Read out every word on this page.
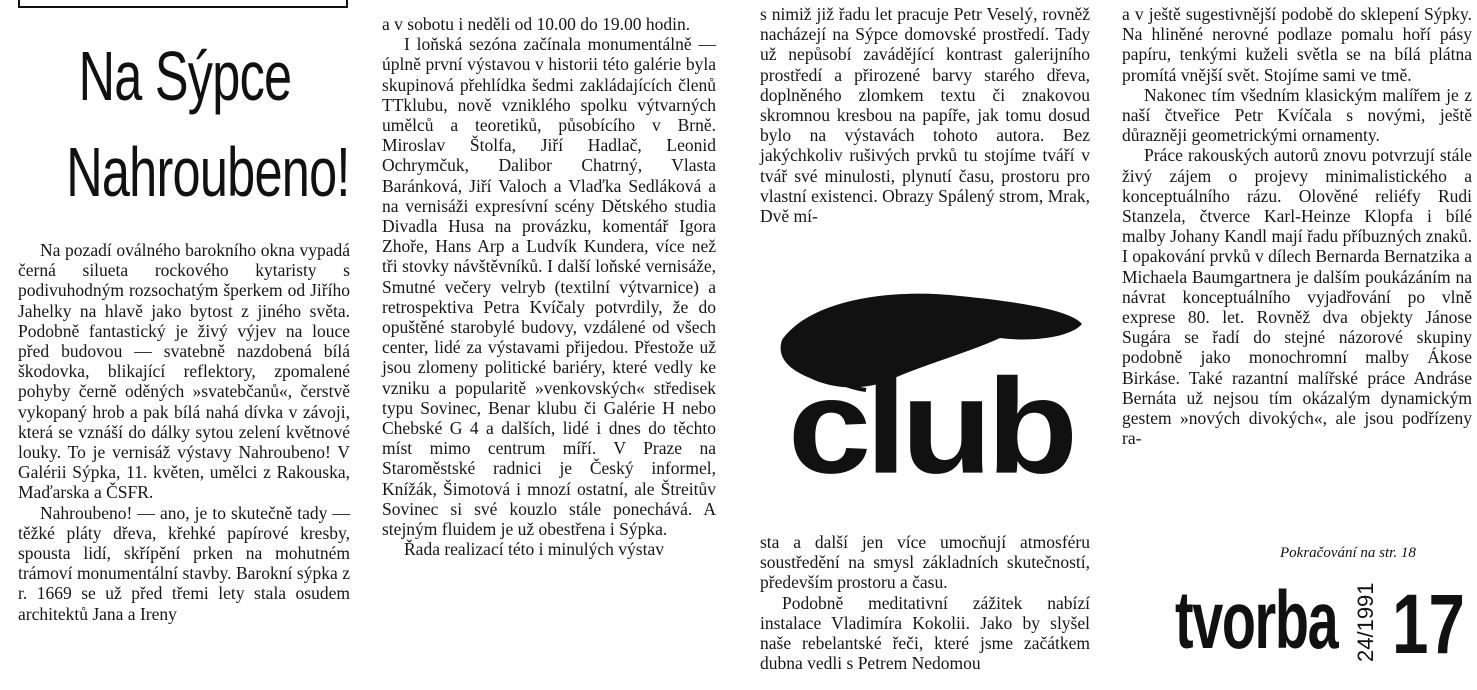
Na Sýpce
Nahroubeno!

Na pozadí oválného barokního okna vypadá černá silueta rockového kytaristy s podivuhodným rozsochatým šperkem od Jiřího Jahelky na hlavě jako bytost z jiného světa. Podobně fantastický je živý výjev na louce před budovou — svatebně nazdobená bílá škodovka, blikající reflektory, zpomalené pohyby černě oděných »svatebčanů«, čerstvě vykopaný hrob a pak bílá nahá dívka v závoji, která se vznáší do dálky sytou zelení květnové louky. To je vernisáž výstavy Nahroubeno! V Galérii Sýpka, 11. květen, umělci z Rakouska, Maďarska a ČSFR.

Nahroubeno! — ano, je to skutečně tady — těžké pláty dřeva, křehké papírové kresby, spousta lidí, skřípění prken na mohutném trámoví monumentální stavby. Barokní sýpka z r. 1669 se už před třemi lety stala osudem architektů Jana a Ireny

a v sobotu i neděli od 10.00 do 19.00 hodin.

I loňská sezóna začínala monumentálně — úplně první výstavou v historii této galérie byla skupinová přehlídka šedmi zakládajících členů TTklubu, nově vzniklého spolku výtvarných umělců a teoretiků, působícího v Brně. Miroslav Štolfa, Jiří Hadlač, Leonid Ochrymčuk, Dalibor Chatrný, Vlasta Baránková, Jiří Valoch a Vlaďka Sedláková a na vernisáži expresívní scény Dětského studia Divadla Husa na provázku, komentář Igora Zhoře, Hans Arp a Ludvík Kundera, více než tři stovky návštěvníků. I další loňské vernisáže, Smutné večery velryb (textilní výtvarnice) a retrospektiva Petra Kvíčaly potvrdily, že do opuštěné starobylé budovy, vzdálené od všech center, lidé za výstavami přijedou. Přestože už jsou zlomeny politické bariéry, které vedly ke vzniku a popularitě »venkovských« středisek typu Sovinec, Benar klubu či Galérie H nebo Chebské G 4 a dalších, lidé i dnes do těchto míst mimo centrum míří. V Praze na Staroměstské radnici je Český informel, Knížák, Šimotová i mnozí ostatní, ale Štreitův Sovinec si své kouzlo stále ponechává. A stejným fluidem je už obestřena i Sýpka.

Řada realizací této i minulých výstav

s nimiž již řadu let pracuje Petr Veselý, rovněž nacházejí na Sýpce domovské prostředí. Tady už nepůsobí zavádějící kontrast galerijního prostředí a přirozené barvy starého dřeva, doplněného zlomkem textu či znakovou skromnou kresbou na papíře, jak tomu dosud bylo na výstavách tohoto autora. Bez jakýchkoliv rušivých prvků tu stojíme tváří v tvář své minulosti, plynutí času, prostoru pro vlastní existenci. Obrazy Spálený strom, Mrak, Dvě mí-

club

sta a další jen více umocňují atmosféru soustředění na smysl základních skutečností, především prostoru a času.

Podobně meditativní zážitek nabízí instalace Vladimíra Kokolii. Jako by slyšel naše rebelantské řeči, které jsme začátkem dubna vedli s Petrem Nedomou

a v ještě sugestivnější podobě do sklepení Sýpky. Na hliněné nerovné podlaze pomalu hoří pásy papíru, tenkými kuželi světla se na bílá plátna promítá vnější svět. Stojíme sami ve tmě.

Nakonec tím všedním klasickým malířem je z naší čtveřice Petr Kvíčala s novými, ještě důrazněji geometrickými ornamenty.

Práce rakouských autorů znovu potvrzují stále živý zájem o projevy minimalistického a konceptuálního rázu. Olověné reliéfy Rudi Stanzela, čtverce Karl-Heinze Klopfa i bílé malby Johany Kandl mají řadu příbuzných znaků. I opakování prvků v dílech Bernarda Bernatzika a Michaela Baumgartnera je dalším poukázáním na návrat konceptuálního vyjadřování po vlně exprese 80. let. Rovněž dva objekty Jánose Sugára se řadí do stejné názorové skupiny podobně jako monochromní malby Ákose Birkáse. Také razantní malířské práce Andráse Bernáta už nejsou tím okázalým dynamickým gestem »nových divokých«, ale jsou podřízeny ra-

Pokračování na str. 18
tvorba 24/1991 17
